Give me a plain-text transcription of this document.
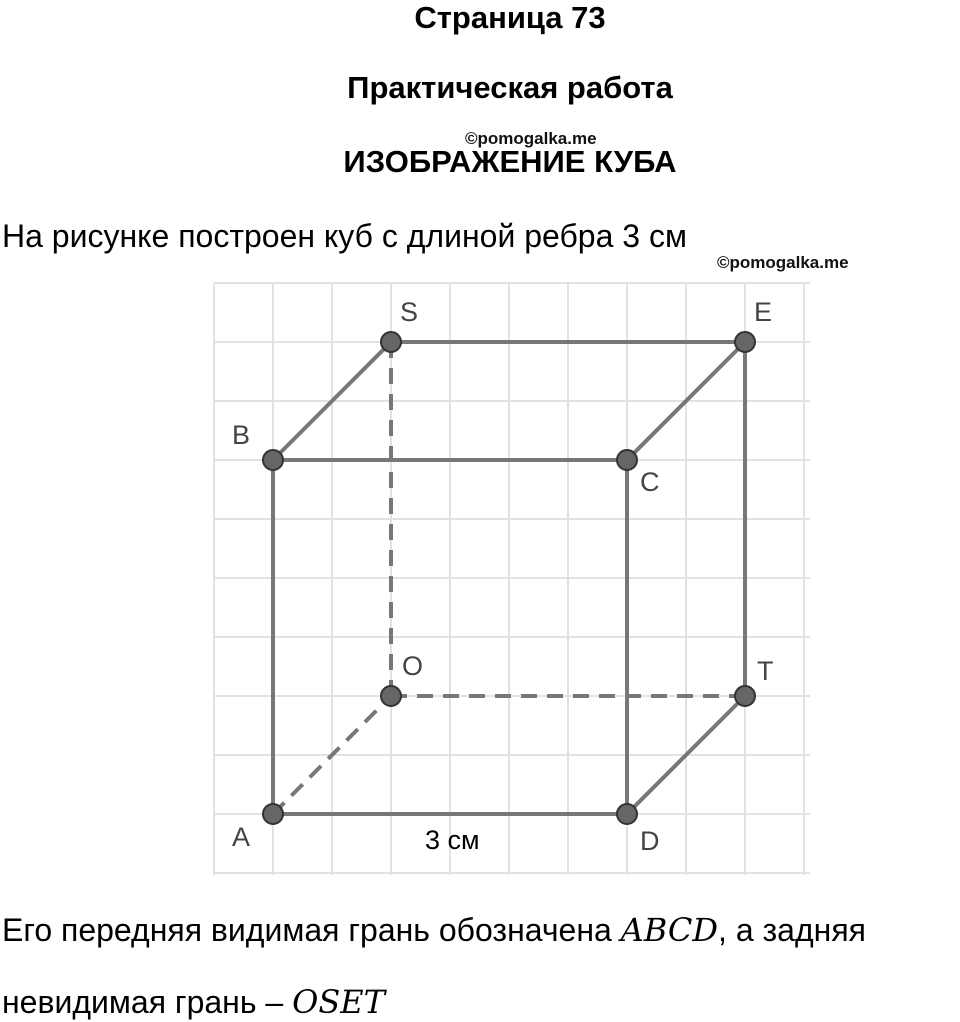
Страница 73
Практическая работа
©pomogalka.me
ИЗОБРАЖЕНИЕ КУБА
На рисунке построен куб с длиной ребра 3 см
©pomogalka.me
S	E
B
C
O	T
A	D
3 см
Его передняя видимая грань обозначена ABCD, а задняя
невидимая грань – OSET
